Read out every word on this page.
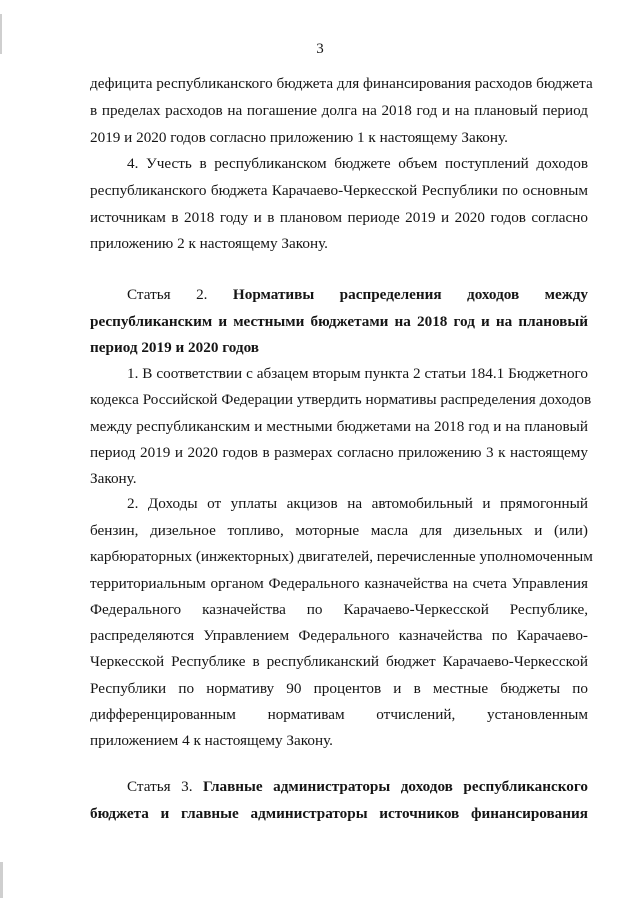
3
дефицита республиканского бюджета для финансирования расходов бюджета
в пределах расходов на погашение долга на 2018 год и на плановый период
2019 и 2020 годов согласно приложению 1 к настоящему Закону.
4. Учесть в республиканском бюджете объем поступлений доходов
республиканского бюджета Карачаево-Черкесской Республики по основным
источникам в 2018 году и в плановом периоде 2019 и 2020 годов согласно
приложению 2 к настоящему Закону.
Статья 2. Нормативы распределения доходов между
республиканским и местными бюджетами на 2018 год и на плановый
период 2019 и 2020 годов
1. В соответствии с абзацем вторым пункта 2 статьи 184.1 Бюджетного
кодекса Российской Федерации утвердить нормативы распределения доходов
между республиканским и местными бюджетами на 2018 год и на плановый
период 2019 и 2020 годов в размерах согласно приложению 3 к настоящему
Закону.
2. Доходы от уплаты акцизов на автомобильный и прямогонный
бензин, дизельное топливо, моторные масла для дизельных и (или)
карбюраторных (инжекторных) двигателей, перечисленные уполномоченным
территориальным органом Федерального казначейства на счета Управления
Федерального казначейства по Карачаево-Черкесской Республике,
распределяются Управлением Федерального казначейства по Карачаево-
Черкесской Республике в республиканский бюджет Карачаево-Черкесской
Республики по нормативу 90 процентов и в местные бюджеты по
дифференцированным нормативам отчислений, установленным
приложением 4 к настоящему Закону.
Статья 3. Главные администраторы доходов республиканского
бюджета и главные администраторы источников финансирования
